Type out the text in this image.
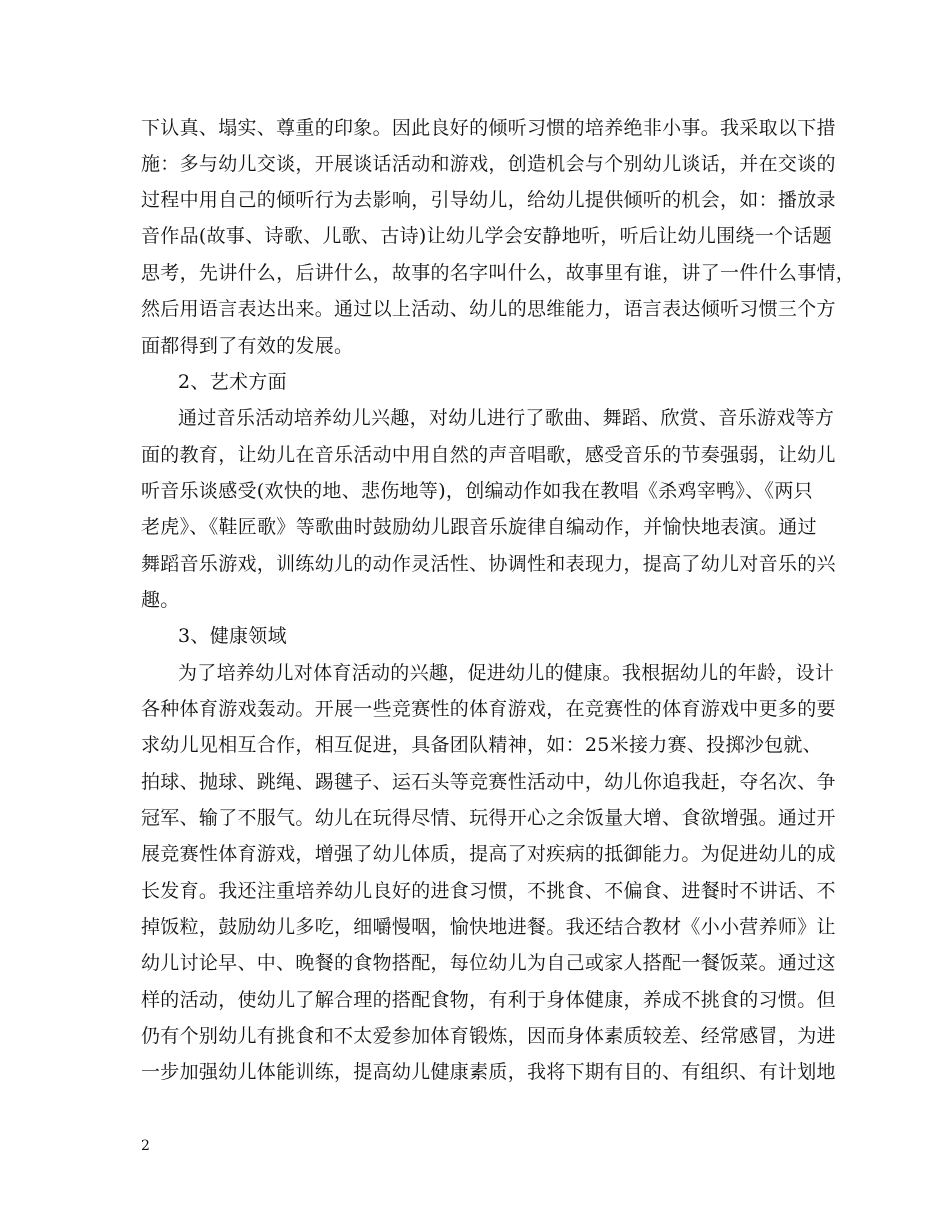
下认真、塌实、尊重的印象。因此良好的倾听习惯的培养绝非小事。我采取以下措
施：多与幼儿交谈，开展谈话活动和游戏，创造机会与个别幼儿谈话，并在交谈的
过程中用自己的倾听行为去影响，引导幼儿，给幼儿提供倾听的机会，如：播放录
音作品(故事、诗歌、儿歌、古诗)让幼儿学会安静地听，听后让幼儿围绕一个话题
思考，先讲什么，后讲什么，故事的名字叫什么，故事里有谁，讲了一件什么事情，
然后用语言表达出来。通过以上活动、幼儿的思维能力，语言表达倾听习惯三个方
面都得到了有效的发展。
2、艺术方面
通过音乐活动培养幼儿兴趣，对幼儿进行了歌曲、舞蹈、欣赏、音乐游戏等方
面的教育，让幼儿在音乐活动中用自然的声音唱歌，感受音乐的节奏强弱，让幼儿
听音乐谈感受(欢快的地、悲伤地等)，创编动作如我在教唱《杀鸡宰鸭》、《两只
老虎》、《鞋匠歌》等歌曲时鼓励幼儿跟音乐旋律自编动作，并愉快地表演。通过
舞蹈音乐游戏，训练幼儿的动作灵活性、协调性和表现力，提高了幼儿对音乐的兴
趣。
3、健康领域
为了培养幼儿对体育活动的兴趣，促进幼儿的健康。我根据幼儿的年龄，设计
各种体育游戏轰动。开展一些竞赛性的体育游戏，在竞赛性的体育游戏中更多的要
求幼儿见相互合作，相互促进，具备团队精神，如：25米接力赛、投掷沙包就、
拍球、抛球、跳绳、踢毽子、运石头等竞赛性活动中，幼儿你追我赶，夺名次、争
冠军、输了不服气。幼儿在玩得尽情、玩得开心之余饭量大增、食欲增强。通过开
展竞赛性体育游戏，增强了幼儿体质，提高了对疾病的抵御能力。为促进幼儿的成
长发育。我还注重培养幼儿良好的进食习惯，不挑食、不偏食、进餐时不讲话、不
掉饭粒，鼓励幼儿多吃，细嚼慢咽，愉快地进餐。我还结合教材《小小营养师》让
幼儿讨论早、中、晚餐的食物搭配，每位幼儿为自己或家人搭配一餐饭菜。通过这
样的活动，使幼儿了解合理的搭配食物，有利于身体健康，养成不挑食的习惯。但
仍有个别幼儿有挑食和不太爱参加体育锻炼，因而身体素质较差、经常感冒，为进
一步加强幼儿体能训练，提高幼儿健康素质，我将下期有目的、有组织、有计划地
2
